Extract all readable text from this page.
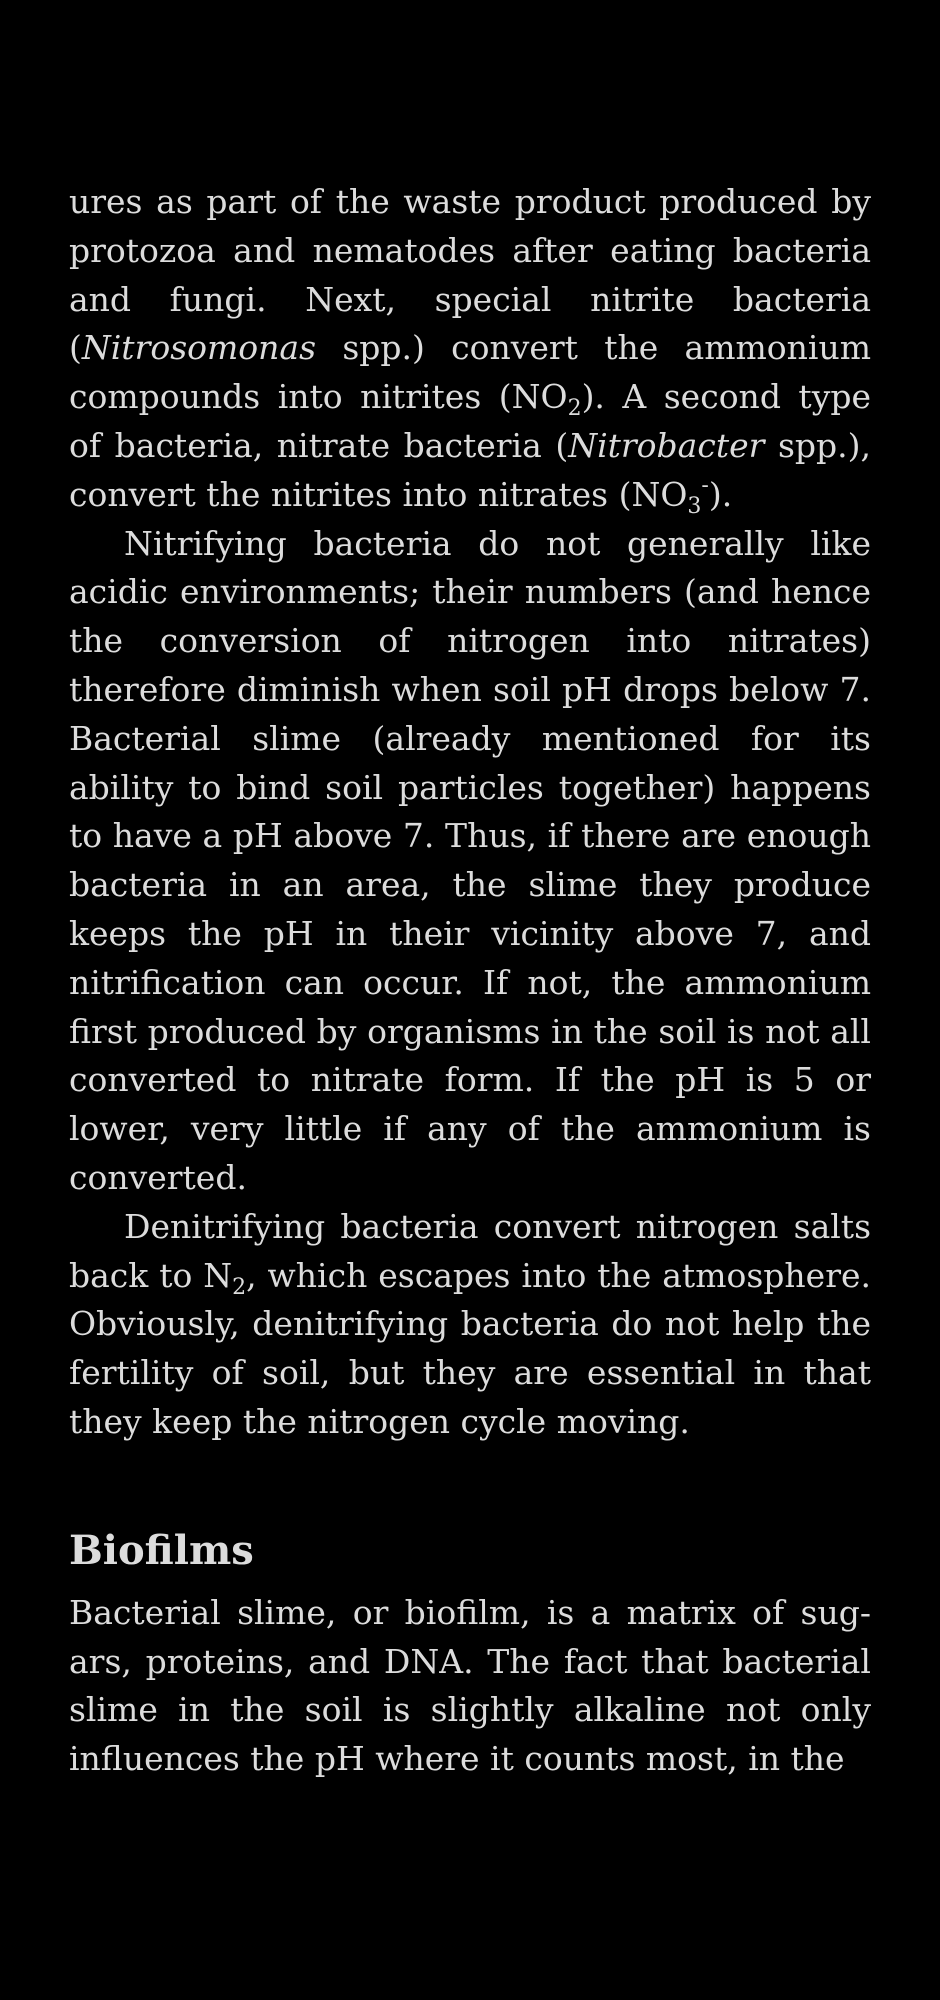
ures as part of the waste product produced by protozoa and nematodes after eating bacteria and fungi. Next, special nitrite bacteria (Nitrosomonas spp.) convert the ammonium compounds into nitrites $(NO_2)$. A second type of bacteria, nitrate bacteria (Nitrobacter spp.), convert the nitrites into nitrates $(NO_3^-)$.

Nitrifying bacteria do not generally like acidic environments; their numbers (and hence the conversion of nitrogen into nitrates) therefore diminish when soil pH drops below 7. Bacterial slime (already mentioned for its ability to bind soil particles together) happens to have a pH above 7. Thus, if there are enough bacteria in an area, the slime they produce keeps the pH in their vicinity above 7, and nitrification can occur. If not, the ammonium first produced by organisms in the soil is not all converted to nitrate form. If the pH is 5 or lower, very little if any of the ammonium is converted.

Denitrifying bacteria convert nitrogen salts back to $N_2$, which escapes into the atmosphere. Obviously, denitrifying bacteria do not help the fertility of soil, but they are essential in that they keep the nitrogen cycle moving.

Biofilms

Bacterial slime, or biofilm, is a matrix of sugars, proteins, and DNA. The fact that bacterial slime in the soil is slightly alkaline not only influences the pH where it counts most, in the
